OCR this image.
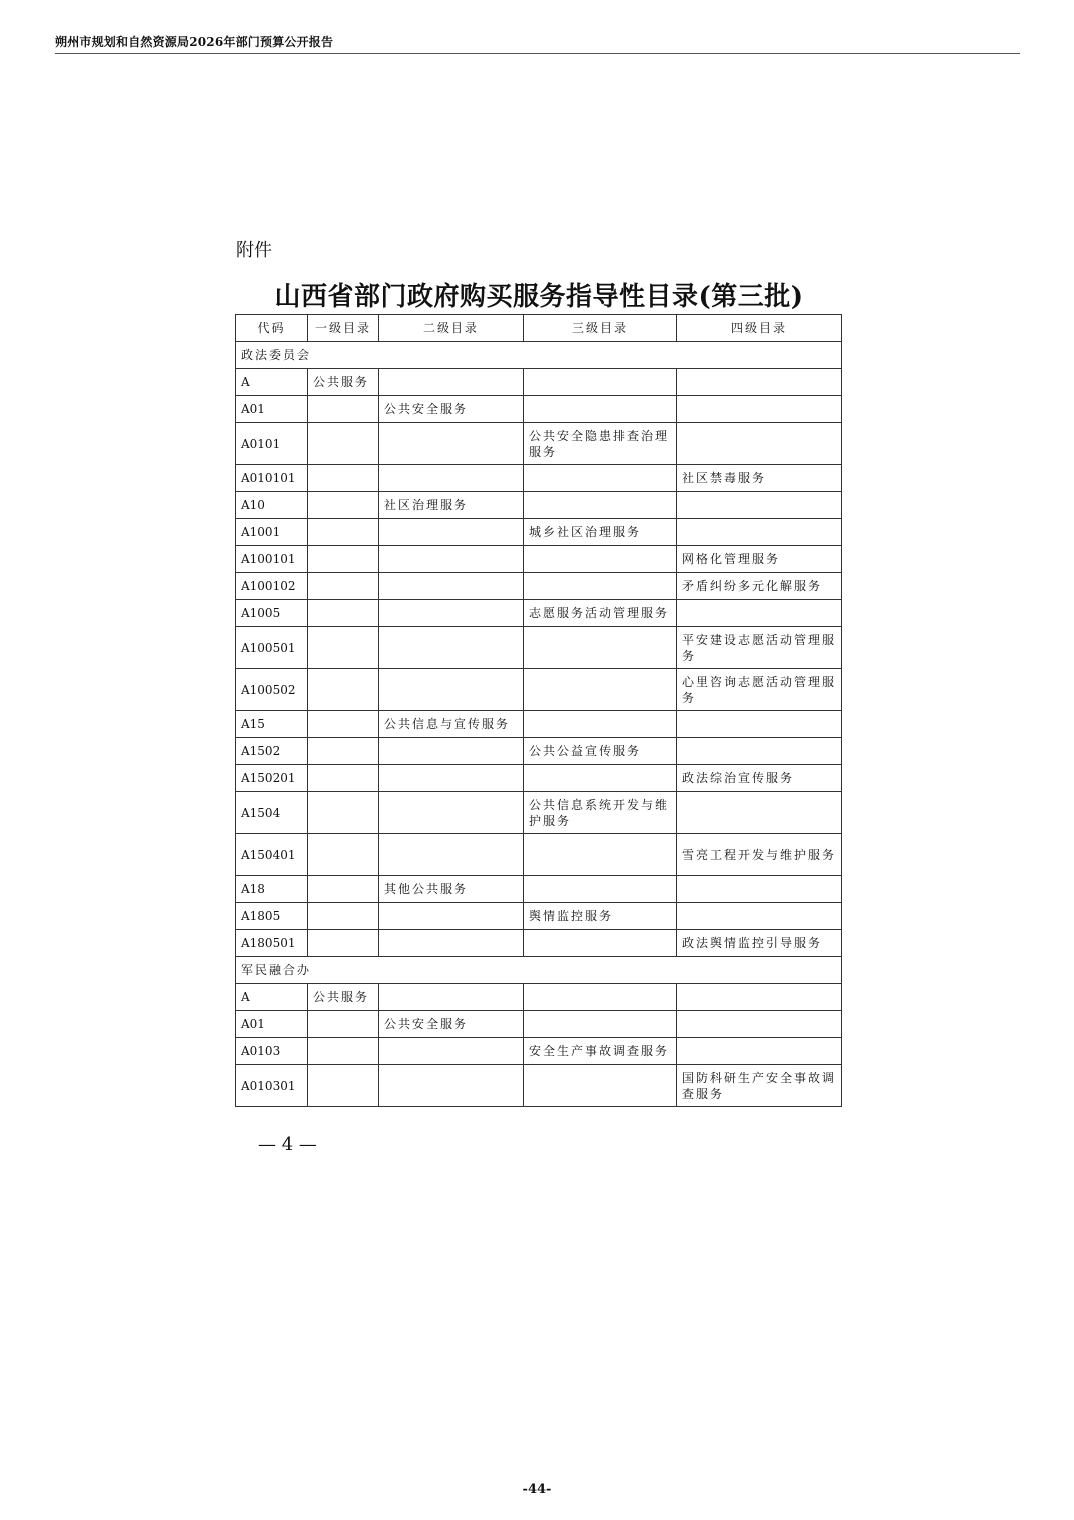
朔州市规划和自然资源局2026年部门预算公开报告
附件
山西省部门政府购买服务指导性目录(第三批)
代码	一级目录	二级目录	三级目录	四级目录
政法委员会				
A	公共服务			
A01		公共安全服务		
A0101			公共安全隐患排查治理服务	
A010101				社区禁毒服务
A10		社区治理服务		
A1001			城乡社区治理服务	
A100101				网格化管理服务
A100102				矛盾纠纷多元化解服务
A1005			志愿服务活动管理服务	
A100501				平安建设志愿活动管理服务
A100502				心里咨询志愿活动管理服务
A15		公共信息与宣传服务		
A1502			公共公益宣传服务	
A150201				政法综治宣传服务
A1504			公共信息系统开发与维护服务	
A150401				雪亮工程开发与维护服务
A18		其他公共服务		
A1805			舆情监控服务	
A180501				政法舆情监控引导服务
军民融合办				
A	公共服务			
A01		公共安全服务		
A0103			安全生产事故调查服务	
A010301				国防科研生产安全事故调查服务
— 4 —
-44-
